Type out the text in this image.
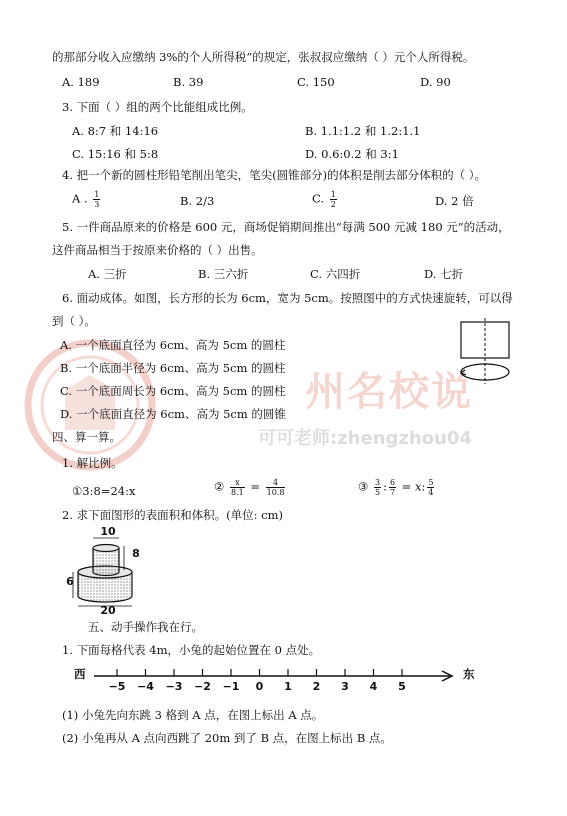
州名校说
可可老师:zhengzhou04
的那部分收入应缴纳 3%的个人所得税”的规定，张叔叔应缴纳（ ）元个人所得税。
A. 189	B. 39	C. 150	D. 90
3. 下面（ ）组的两个比能组成比例。
A. 8:7 和 14:16	B. 1.1:1.2 和 1.2:1.1
C. 15:16 和 5:8	D. 0.6:0.2 和 3:1
4. 把一个新的圆柱形铅笔削出笔尖，笔尖(圆锥部分)的体积是削去部分体积的（ ）。
A . $\frac{1}{3}$	B. 2/3	C. $\frac{1}{2}$	D. 2 倍
5. 一件商品原来的价格是 600 元，商场促销期间推出“每满 500 元减 180 元”的活动，
这件商品相当于按原来价格的（ ）出售。
A. 三折	B. 三六折	C. 六四折	D. 七折
6. 面动成体。如图，长方形的长为 6cm，宽为 5cm。按照图中的方式快速旋转，可以得
到（ ）。
A. 一个底面直径为 6cm、高为 5cm 的圆柱
B. 一个底面半径为 6cm、高为 5cm 的圆柱
C. 一个底面周长为 6cm、高为 5cm 的圆柱
D. 一个底面直径为 6cm、高为 5cm 的圆锥
四、算一算。
1. 解比例。
①3:8=24:x	② $\frac{x}{8.1} = \frac{4}{10.8}$	③ $\frac{3}{5}$ : $\frac{6}{7} = x$: $\frac{5}{4}$
2. 求下面图形的表面积和体积。(单位: cm)
10
8
6
20
五、动手操作我在行。
1. 下面每格代表 4m，小兔的起始位置在 0 点处。
西	东
−5	−4	−3	−2	−1	0	1	2	3	4	5
(1) 小兔先向东跳 3 格到 A 点，在图上标出 A 点。
(2) 小兔再从 A 点向西跳了 20m 到了 B 点，在图上标出 B 点。
